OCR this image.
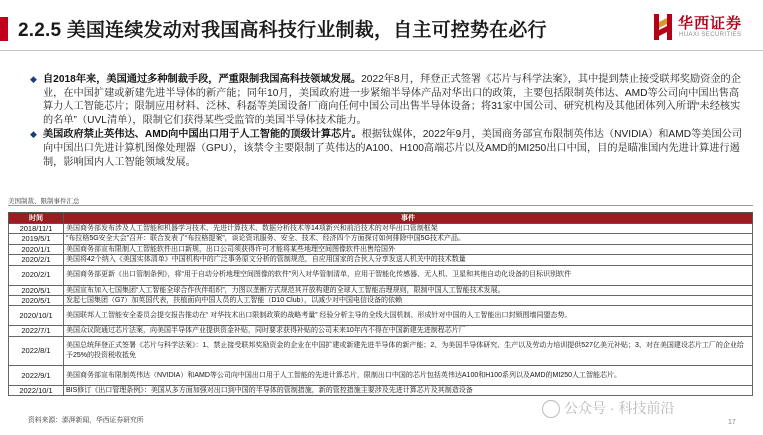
2.2.5 美国连续发动对我国高科技行业制裁，自主可控势在必行	华西证券
HUAXI SECURITIES
◆ 自2018年来，美国通过多种制裁手段，严重限制我国高科技领域发展。2022年8月，拜登正式签署《芯片与科学法案》，其中提到禁止接受联邦奖励资金的企业，在中国扩建或新建先进半导体的新产能；同年10月，美国政府进一步紧缩半导体产品对华出口的政策，主要包括限制英伟达、AMD等公司向中国出售高算力人工智能芯片；限制应用材料、泛林、科磊等美国设备厂商向任何中国公司出售半导体设备；将31家中国公司、研究机构及其他团体列入所谓“未经核实的名单”（UVL清单），限制它们获得某些受监管的美国半导体技术能力。
◆ 美国政府禁止英伟达、AMD向中国出口用于人工智能的顶级计算芯片。根据钛媒体，2022年9月，美国商务部宣布限制英伟达（NVIDIA）和AMD等美国公司向中国出口先进计算机图像处理器（GPU），该禁令主要限制了英伟达的A100、H100高端芯片以及AMD的MI250出口中国，目的是瞄准国内先进计算进行遏制，影响国内人工智能领域发展。
美国制裁、限制事件汇总
时间	事件
2018/11/1	美国商务部发布涉及人工智能和机器学习技术、先进计算技术、数据分析技术等14项新兴和前沿技术的对华出口管制框架
2019/5/1	“布拉格5G安全大会”召开：联合发表了“布拉格提案”，谈论资讯服务、安全、技术、经济四个方面探讨如何排除中国5G技术产品。
2020/1/1	美国商务部宣布限制人工智能软件出口新规，出口公司须获得许可才能将某些地理空间图像软件出售给国外
2020/2/1	美国将42个纳入《美国实体清单》中国机构中的广泛事务原文分析的管制规范，自应用国家的合伙人分享发送人机关中的技术数量
2020/2/1	美国商务部更新《出口管制条例》，将“用于自动分析地理空间图像的软件”列入对华管制清单，应用于智能化传感器、无人机、卫星和其他自动化设备的目标识别软件
2020/5/1	美国宣布加入七国集团“人工智能全球合作伙伴组织”，力图以垄断方式规范其开放构建的全球人工智能治理规则，限制中国人工智能技术发展。
2020/5/1	发起七国集团（G7）加英国代表，扶植面向中国人员的人工智能（D10 Club），以减少对中国电信设备的依赖
2020/10/1	美国联邦人工智能安全委员会提交报告推动在“ 对华技术出口限制政策的战略考量” 经验分析主导的全线大国机制、形成针对中国的人工智能出口封锁围墙同盟态势。
2022/7/1	美国众议院通过芯片法案，向美国半导体产业提供资金补贴，同时要求获得补贴的公司未来10年内不得在中国新建先进制程芯片厂
2022/8/1	美国总统拜登正式签署《芯片与科学法案》：1、禁止接受联邦奖励资金的企业在中国扩建或新建先进半导体的新产能；2、为美国半导体研究、生产以及劳动力培训提供527亿美元补贴；3、对在美国建设芯片工厂的企业给予25%的投资税收抵免
2022/9/1	美国商务部宣布限制英伟达（NVIDIA）和AMD等公司向中国出口用于人工智能的先进计算芯片，限制出口中国的芯片包括英伟达A100和H100系列以及AMD的MI250人工智能芯片。
2022/10/1	BIS修订《出口管理条例》：美国从多方面加强对出口到中国的半导体的管制措施，新的管控措施主要涉及先进计算芯片及其制造设备
资料来源：澎湃新闻，华西证券研究所
公众号 · 科技前沿
17
